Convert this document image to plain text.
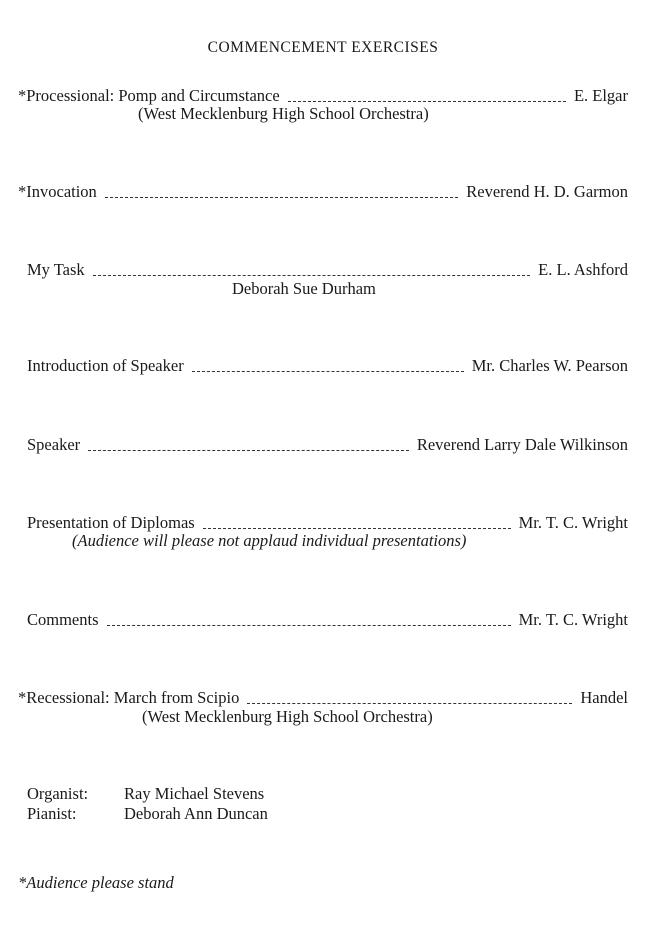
COMMENCEMENT EXERCISES
*Processional: Pomp and Circumstance	E. Elgar
(West Mecklenburg High School Orchestra)
*Invocation	Reverend H. D. Garmon
My Task	E. L. Ashford
Deborah Sue Durham
Introduction of Speaker	Mr. Charles W. Pearson
Speaker	Reverend Larry Dale Wilkinson
Presentation of Diplomas	Mr. T. C. Wright
(Audience will please not applaud individual presentations)
Comments	Mr. T. C. Wright
*Recessional: March from Scipio	Handel
(West Mecklenburg High School Orchestra)
Organist: Ray Michael Stevens
Pianist:	Deborah Ann Duncan
*Audience please stand
